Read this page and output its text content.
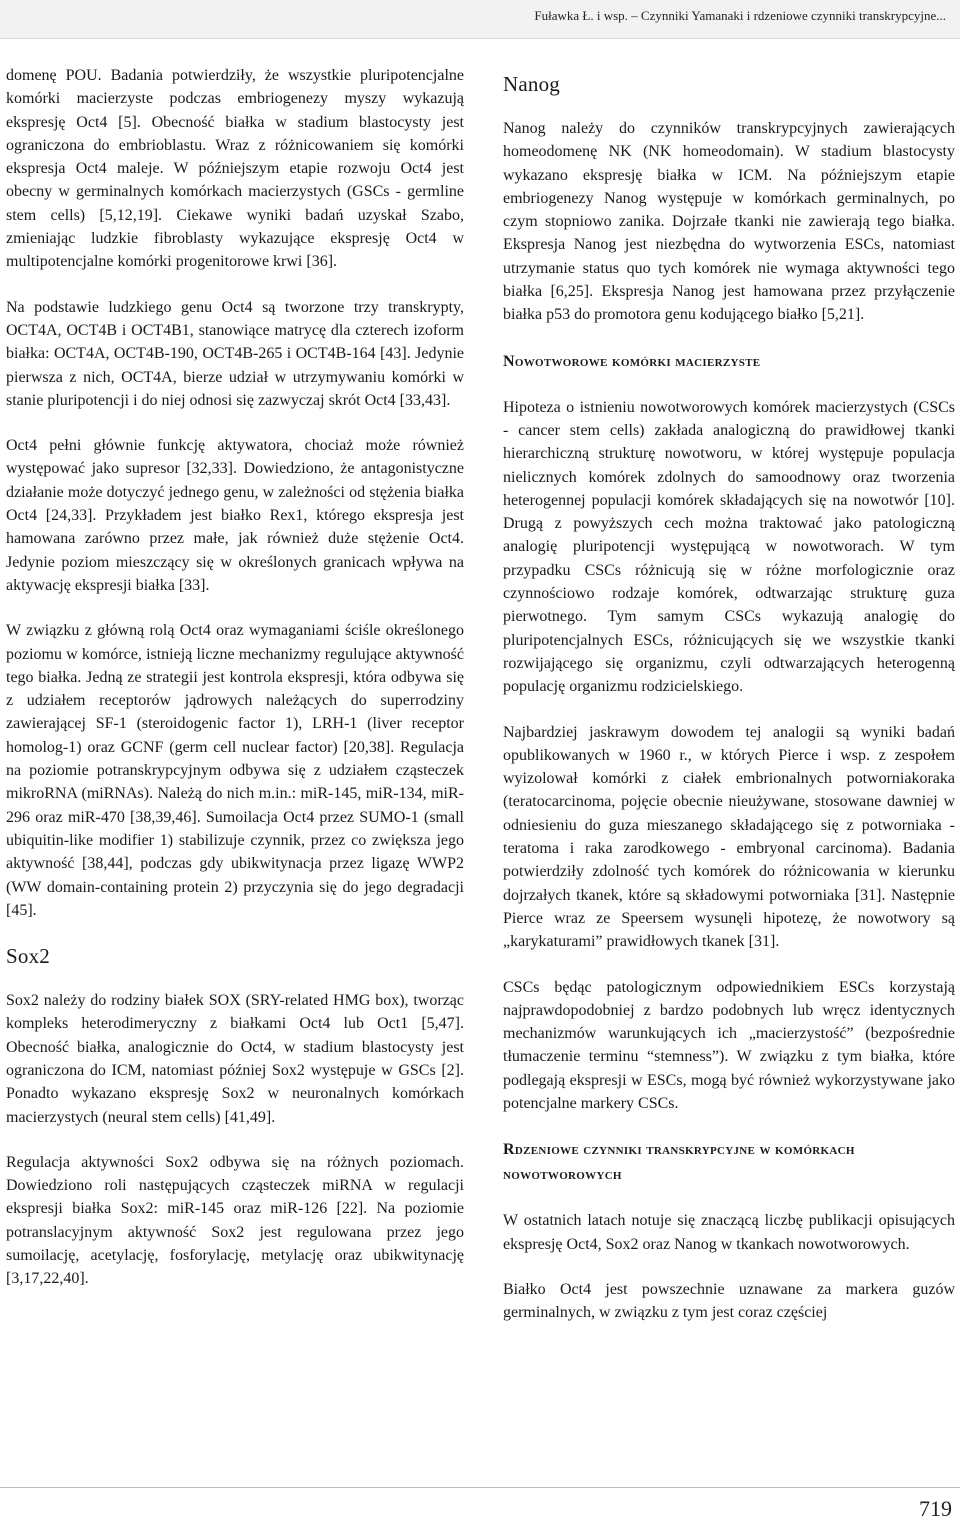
Fuławka Ł. i wsp. – Czynniki Yamanaki i rdzeniowe czynniki transkrypcyjne...

domenę POU. Badania potwierdziły, że wszystkie pluripotencjalne komórki macierzyste podczas embriogenezy myszy wykazują ekspresję Oct4 [5]. Obecność białka w stadium blastocysty jest ograniczona do embrioblastu. Wraz z różnicowaniem się komórki ekspresja Oct4 maleje. W późniejszym etapie rozwoju Oct4 jest obecny w germinalnych komórkach macierzystych (GSCs - germline stem cells) [5,12,19]. Ciekawe wyniki badań uzyskał Szabo, zmieniając ludzkie fibroblasty wykazujące ekspresję Oct4 w multipotencjalne komórki progenitorowe krwi [36].

Na podstawie ludzkiego genu Oct4 są tworzone trzy transkrypty, OCT4A, OCT4B i OCT4B1, stanowiące matrycę dla czterech izoform białka: OCT4A, OCT4B-190, OCT4B-265 i OCT4B-164 [43]. Jedynie pierwsza z nich, OCT4A, bierze udział w utrzymywaniu komórki w stanie pluripotencji i do niej odnosi się zazwyczaj skrót Oct4 [33,43].

Oct4 pełni głównie funkcję aktywatora, chociaż może również występować jako supresor [32,33]. Dowiedziono, że antagonistyczne działanie może dotyczyć jednego genu, w zależności od stężenia białka Oct4 [24,33]. Przykładem jest białko Rex1, którego ekspresja jest hamowana zarówno przez małe, jak również duże stężenie Oct4. Jedynie poziom mieszczący się w określonych granicach wpływa na aktywację ekspresji białka [33].

W związku z główną rolą Oct4 oraz wymaganiami ściśle określonego poziomu w komórce, istnieją liczne mechanizmy regulujące aktywność tego białka. Jedną ze strategii jest kontrola ekspresji, która odbywa się z udziałem receptorów jądrowych należących do superrodziny zawierającej SF-1 (steroidogenic factor 1), LRH-1 (liver receptor homolog-1) oraz GCNF (germ cell nuclear factor) [20,38]. Regulacja na poziomie potranskrypcyjnym odbywa się z udziałem cząsteczek mikroRNA (miRNAs). Należą do nich m.in.: miR-145, miR-134, miR-296 oraz miR-470 [38,39,46]. Sumoilacja Oct4 przez SUMO-1 (small ubiquitin-like modifier 1) stabilizuje czynnik, przez co zwiększa jego aktywność [38,44], podczas gdy ubikwitynacja przez ligazę WWP2 (WW domain-containing protein 2) przyczynia się do jego degradacji [45].

Sox2

Sox2 należy do rodziny białek SOX (SRY-related HMG box), tworząc kompleks heterodimeryczny z białkami Oct4 lub Oct1 [5,47]. Obecność białka, analogicznie do Oct4, w stadium blastocysty jest ograniczona do ICM, natomiast później Sox2 występuje w GSCs [2]. Ponadto wykazano ekspresję Sox2 w neuronalnych komórkach macierzystych (neural stem cells) [41,49].

Regulacja aktywności Sox2 odbywa się na różnych poziomach. Dowiedziono roli następujących cząsteczek miRNA w regulacji ekspresji białka Sox2: miR-145 oraz miR-126 [22]. Na poziomie potranslacyjnym aktywność Sox2 jest regulowana przez jego sumoilację, acetylację, fosforylację, metylację oraz ubikwitynację [3,17,22,40].

Nanog

Nanog należy do czynników transkrypcyjnych zawierających homeodomenę NK (NK homeodomain). W stadium blastocysty wykazano ekspresję białka w ICM. Na późniejszym etapie embriogenezy Nanog występuje w komórkach germinalnych, po czym stopniowo zanika. Dojrzałe tkanki nie zawierają tego białka. Ekspresja Nanog jest niezbędna do wytworzenia ESCs, natomiast utrzymanie status quo tych komórek nie wymaga aktywności tego białka [6,25]. Ekspresja Nanog jest hamowana przez przyłączenie białka p53 do promotora genu kodującego białko [5,21].

Nowotworowe komórki macierzyste

Hipoteza o istnieniu nowotworowych komórek macierzystych (CSCs - cancer stem cells) zakłada analogiczną do prawidłowej tkanki hierarchiczną strukturę nowotworu, w której występuje populacja nielicznych komórek zdolnych do samoodnowy oraz tworzenia heterogennej populacji komórek składających się na nowotwór [10]. Drugą z powyższych cech można traktować jako patologiczną analogię pluripotencji występującą w nowotworach. W tym przypadku CSCs różnicują się w różne morfologicznie oraz czynnościowo rodzaje komórek, odtwarzając strukturę guza pierwotnego. Tym samym CSCs wykazują analogię do pluripotencjalnych ESCs, różnicujących się we wszystkie tkanki rozwijającego się organizmu, czyli odtwarzających heterogenną populację organizmu rodzicielskiego.

Najbardziej jaskrawym dowodem tej analogii są wyniki badań opublikowanych w 1960 r., w których Pierce i wsp. z zespołem wyizolował komórki z ciałek embrionalnych potworniakoraka (teratocarcinoma, pojęcie obecnie nieużywane, stosowane dawniej w odniesieniu do guza mieszanego składającego się z potworniaka - teratoma i raka zarodkowego - embryonal carcinoma). Badania potwierdziły zdolność tych komórek do różnicowania w kierunku dojrzałych tkanek, które są składowymi potworniaka [31]. Następnie Pierce wraz ze Speersem wysunęli hipotezę, że nowotwory są „karykaturami” prawidłowych tkanek [31].

CSCs będąc patologicznym odpowiednikiem ESCs korzystają najprawdopodobniej z bardzo podobnych lub wręcz identycznych mechanizmów warunkujących ich „macierzystość” (bezpośrednie tłumaczenie terminu “stemness”). W związku z tym białka, które podlegają ekspresji w ESCs, mogą być również wykorzystywane jako potencjalne markery CSCs.

Rdzeniowe czynniki transkrypcyjne w komórkach nowotworowych

W ostatnich latach notuje się znaczącą liczbę publikacji opisujących ekspresję Oct4, Sox2 oraz Nanog w tkankach nowotworowych.

Białko Oct4 jest powszechnie uznawane za markera guzów germinalnych, w związku z tym jest coraz częściej

719
